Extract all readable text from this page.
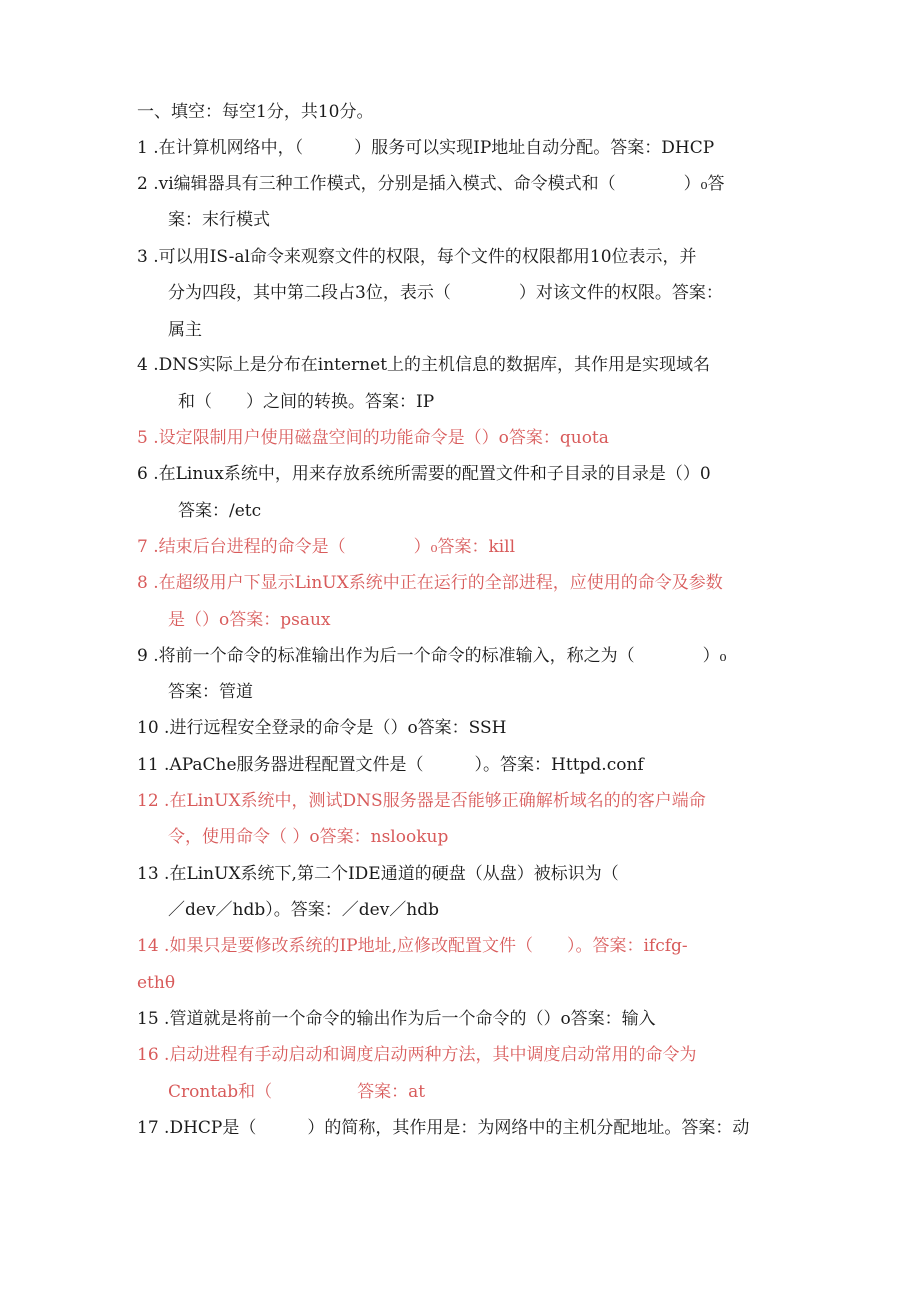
一、填空：每空1分，共10分。
1 .在计算机网络中，（　　　）服务可以实现IP地址自动分配。答案：DHCP
2 .vi编辑器具有三种工作模式，分别是插入模式、命令模式和（　　　　）₀答
案：末行模式
3 .可以用IS-al命令来观察文件的权限，每个文件的权限都用10位表示，并
分为四段，其中第二段占3位，表示（　　　　）对该文件的权限。答案：
属主
4 .DNS实际上是分布在internet上的主机信息的数据库，其作用是实现域名
和（　　）之间的转换。答案：IP
5 .设定限制用户使用磁盘空间的功能命令是（）o答案：quota
6 .在Linux系统中，用来存放系统所需要的配置文件和子目录的目录是（）0
答案：/etc
7 .结束后台进程的命令是（　　　　）₀答案：kill
8 .在超级用户下显示LinUX系统中正在运行的全部进程，应使用的命令及参数
是（）o答案：psaux
9 .将前一个命令的标准输出作为后一个命令的标准输入，称之为（　　　　）₀
答案：管道
10 .进行远程安全登录的命令是（）o答案：SSH
11 .APaChe服务器进程配置文件是（　　　）。答案：Httpd.conf
12 .在LinUX系统中，测试DNS服务器是否能够正确解析域名的的客户端命
令，使用命令（ ）o答案：nslookup
13 .在LinUX系统下,第二个IDE通道的硬盘（从盘）被标识为（
／dev／hdb）。答案：／dev／hdb
14 .如果只是要修改系统的IP地址,应修改配置文件（　　）。答案：ifcfg-
ethθ
15 .管道就是将前一个命令的输出作为后一个命令的（）o答案：输入
16 .启动进程有手动启动和调度启动两种方法，其中调度启动常用的命令为
Crontab和（　　　　　答案：at
17 .DHCP是（　　　）的简称，其作用是：为网络中的主机分配地址。答案：动
